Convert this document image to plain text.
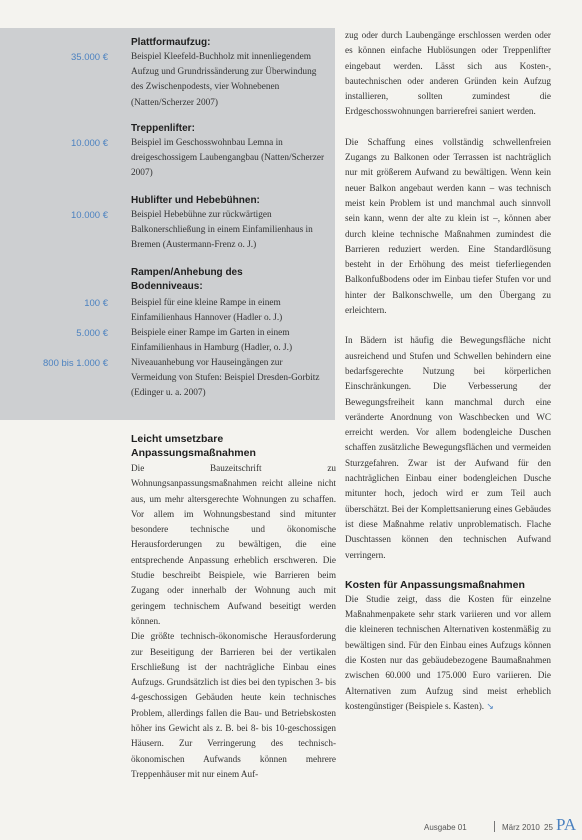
Plattformaufzug:
35.000 € Beispiel Kleefeld-Buchholz mit innenliegendem Aufzug und Grundrissänderung zur Überwindung des Zwischenpodests, vier Wohnebenen (Natten/Scherzer 2007)
Treppenlifter:
10.000 € Beispiel im Geschosswohnbau Lemna in dreigeschossigem Laubengangbau (Natten/Scherzer 2007)
Hublifter und Hebebühnen:
10.000 € Beispiel Hebebühne zur rückwärtigen Balkonerschließung in einem Einfamilienhaus in Bremen (Austermann-Frenz o. J.)
Rampen/Anhebung des Bodenniveaus:
100 € Beispiel für eine kleine Rampe in einem Einfamilienhaus Hannover (Hadler o. J.)
5.000 € Beispiele einer Rampe im Garten in einem Einfamilienhaus in Hamburg (Hadler, o. J.)
800 bis 1.000 € Niveauanhebung vor Hauseingängen zur Vermeidung von Stufen: Beispiel Dresden-Gorbitz (Edinger u. a. 2007)
Leicht umsetzbare Anpassungsmaßnahmen

Die Bauzeitschrift zu Wohnungsanpassungsmaßnahmen reicht alleine nicht aus, um mehr altersgerechte Wohnungen zu schaffen. Vor allem im Wohnungsbestand sind mitunter besondere technische und ökonomische Herausforderungen zu bewältigen, die eine entsprechende Anpassung erheblich erschweren. Die Studie beschreibt Beispiele, wie Barrieren beim Zugang oder innerhalb der Wohnung auch mit geringem technischem Aufwand beseitigt werden können.

Die größte technisch-ökonomische Herausforderung zur Beseitigung der Barrieren bei der vertikalen Erschließung ist der nachträgliche Einbau eines Aufzugs. Grundsätzlich ist dies bei den typischen 3- bis 4-geschossigen Gebäuden heute kein technisches Problem, allerdings fallen die Bau- und Betriebskosten höher ins Gewicht als z. B. bei 8- bis 10-geschossigen Häusern. Zur Verringerung des technisch-ökonomischen Aufwands können mehrere Treppenhäuser mit nur einem Auf-

zug oder durch Laubengänge erschlossen werden oder es können einfache Hublösungen oder Treppenlifter eingebaut werden. Lässt sich aus Kosten-, bautechnischen oder anderen Gründen kein Aufzug installieren, sollten zumindest die Erdgeschosswohnungen barrierefrei saniert werden.

Die Schaffung eines vollständig schwellenfreien Zugangs zu Balkonen oder Terrassen ist nachträglich nur mit größerem Aufwand zu bewältigen. Wenn kein neuer Balkon angebaut werden kann – was technisch meist kein Problem ist und manchmal auch sinnvoll sein kann, wenn der alte zu klein ist –, können aber durch kleine technische Maßnahmen zumindest die Barrieren reduziert werden. Eine Standardlösung besteht in der Erhöhung des meist tieferliegenden Balkonfußbodens oder im Einbau tiefer Stufen vor und hinter der Balkonschwelle, um den Übergang zu erleichtern.

In Bädern ist häufig die Bewegungsfläche nicht ausreichend und Stufen und Schwellen behindern eine bedarfsgerechte Nutzung bei körperlichen Einschränkungen. Die Verbesserung der Bewegungsfreiheit kann manchmal durch eine veränderte Anordnung von Waschbecken und WC erreicht werden. Vor allem bodengleiche Duschen schaffen zusätzliche Bewegungsflächen und vermeiden Sturzgefahren. Zwar ist der Aufwand für den nachträglichen Einbau einer bodengleichen Dusche mitunter hoch, jedoch wird er zum Teil auch überschätzt. Bei der Komplettsanierung eines Gebäudes ist diese Maßnahme relativ unproblematisch. Flache Duschtassen können den technischen Aufwand verringern.

Kosten für Anpassungsmaßnahmen

Die Studie zeigt, dass die Kosten für einzelne Maßnahmenpakete sehr stark variieren und vor allem die kleineren technischen Alternativen kostenmäßig zu bewältigen sind. Für den Einbau eines Aufzugs können die Kosten nur das gebäudebezogene Baumaßnahmen zwischen 60.000 und 175.000 Euro variieren. Die Alternativen zum Aufzug sind meist erheblich kostengünstiger (Beispiele s. Kasten). ↘

Ausgabe 01	März 2010 25 PA
